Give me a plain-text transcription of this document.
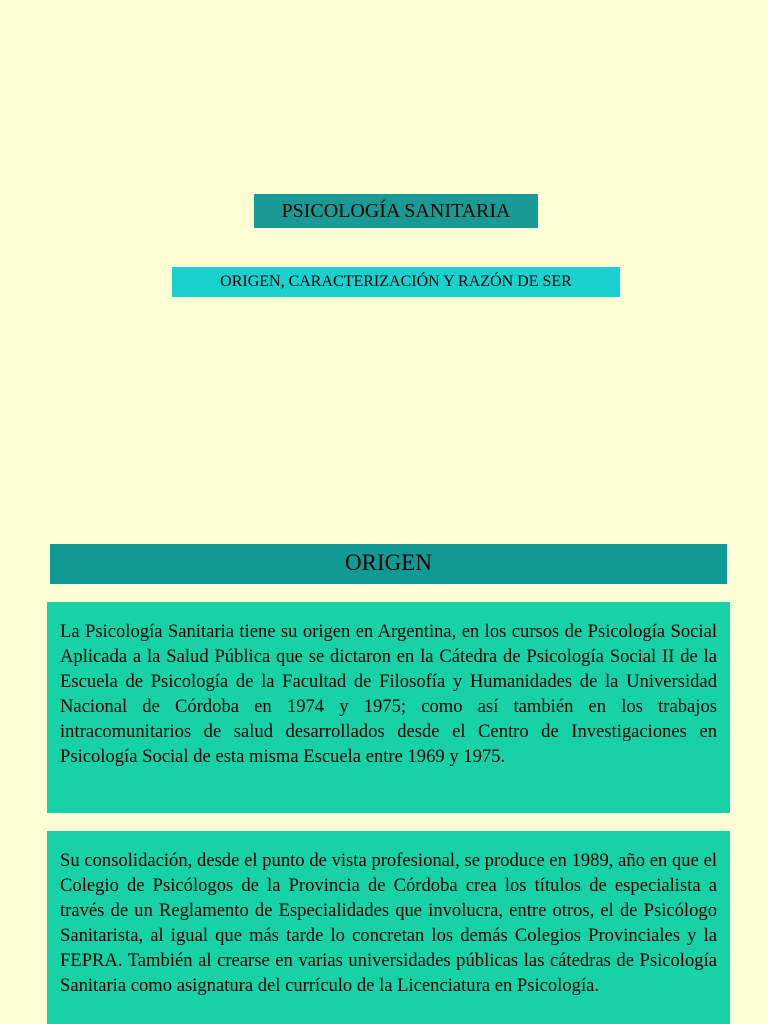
PSICOLOGÍA SANITARIA
ORIGEN, CARACTERIZACIÓN Y RAZÓN DE SER
ORIGEN

La Psicología Sanitaria tiene su origen en Argentina, en los cursos de Psicología Social Aplicada a la Salud Pública que se dictaron en la Cátedra de Psicología Social II de la Escuela de Psicología de la Facultad de Filosofía y Humanidades de la Universidad Nacional de Córdoba en 1974 y 1975; como así también en los trabajos intracomunitarios de salud desarrollados desde el Centro de Investigaciones en Psicología Social de esta misma Escuela entre 1969 y 1975.

Su consolidación, desde el punto de vista profesional, se produce en 1989, año en que el Colegio de Psicólogos de la Provincia de Córdoba crea los títulos de especialista a través de un Reglamento de Especialidades que involucra, entre otros, el de Psicólogo Sanitarista, al igual que más tarde lo concretan los demás Colegios Provinciales y la FEPRA. También al crearse en varias universidades públicas las cátedras de Psicología Sanitaria como asignatura del currículo de la Licenciatura en Psicología.
